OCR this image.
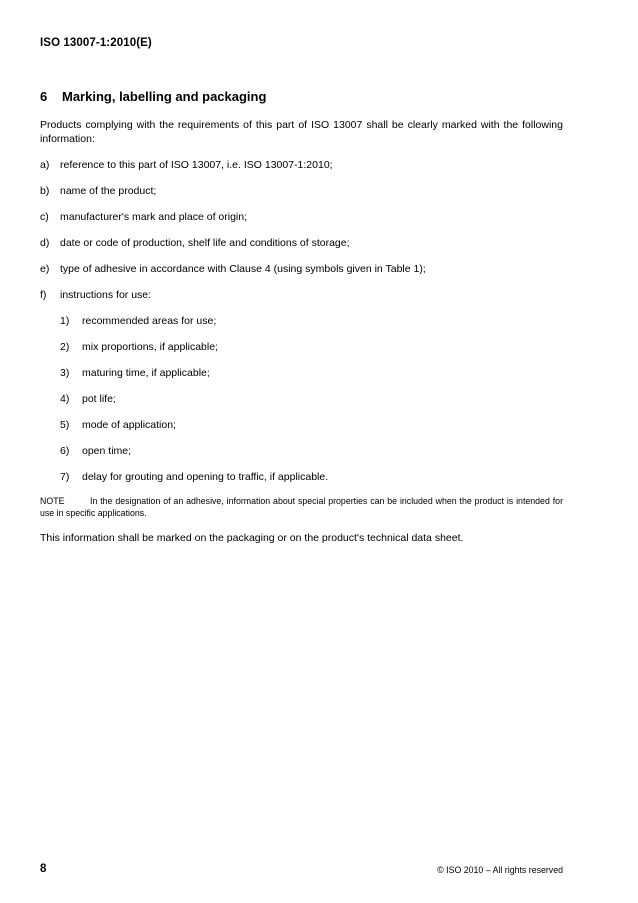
ISO 13007-1:2010(E)
6	Marking, labelling and packaging

Products complying with the requirements of this part of ISO 13007 shall be clearly marked with the following information:

a)	reference to this part of ISO 13007, i.e. ISO 13007-1:2010;
b)	name of the product;
c)	manufacturer's mark and place of origin;
d)	date or code of production, shelf life and conditions of storage;
e)	type of adhesive in accordance with Clause 4 (using symbols given in Table 1);
f)	instructions for use:
1)	recommended areas for use;
2)	mix proportions, if applicable;
3)	maturing time, if applicable;
4)	pot life;
5)	mode of application;
6)	open time;
7)	delay for grouting and opening to traffic, if applicable.

NOTE	In the designation of an adhesive, information about special properties can be included when the product is intended for use in specific applications.

This information shall be marked on the packaging or on the product's technical data sheet.

8	© ISO 2010 – All rights reserved
